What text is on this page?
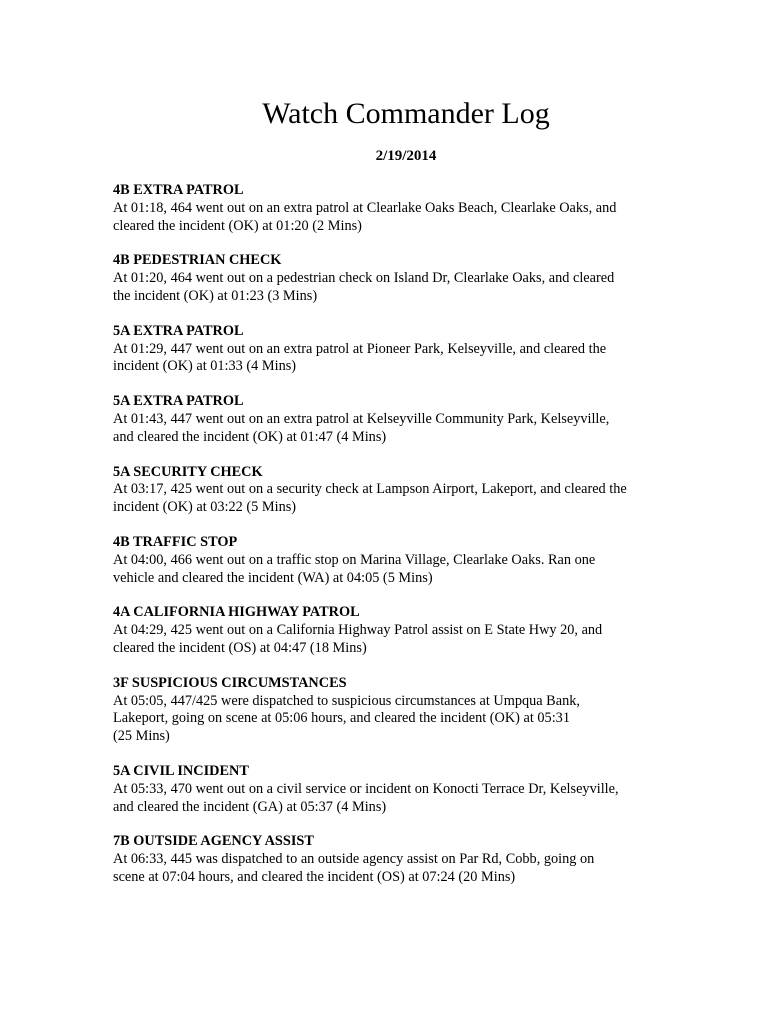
Watch Commander Log
2/19/2014

4B EXTRA PATROL

At 01:18, 464 went out on an extra patrol at Clearlake Oaks Beach, Clearlake Oaks, and
cleared the incident (OK) at 01:20 (2 Mins)

4B PEDESTRIAN CHECK

At 01:20, 464 went out on a pedestrian check on Island Dr, Clearlake Oaks, and cleared
the incident (OK) at 01:23 (3 Mins)

5A EXTRA PATROL

At 01:29, 447 went out on an extra patrol at Pioneer Park, Kelseyville, and cleared the
incident (OK) at 01:33 (4 Mins)

5A EXTRA PATROL

At 01:43, 447 went out on an extra patrol at Kelseyville Community Park, Kelseyville,
and cleared the incident (OK) at 01:47 (4 Mins)

5A SECURITY CHECK

At 03:17, 425 went out on a security check at Lampson Airport, Lakeport, and cleared the
incident (OK) at 03:22 (5 Mins)

4B TRAFFIC STOP

At 04:00, 466 went out on a traffic stop on Marina Village, Clearlake Oaks. Ran one
vehicle and cleared the incident (WA) at 04:05 (5 Mins)

4A CALIFORNIA HIGHWAY PATROL

At 04:29, 425 went out on a California Highway Patrol assist on E State Hwy 20, and
cleared the incident (OS) at 04:47 (18 Mins)

3F SUSPICIOUS CIRCUMSTANCES

At 05:05, 447/425 were dispatched to suspicious circumstances at Umpqua Bank,
Lakeport, going on scene at 05:06 hours, and cleared the incident (OK) at 05:31
(25 Mins)

5A CIVIL INCIDENT

At 05:33, 470 went out on a civil service or incident on Konocti Terrace Dr, Kelseyville,
and cleared the incident (GA) at 05:37 (4 Mins)

7B OUTSIDE AGENCY ASSIST

At 06:33, 445 was dispatched to an outside agency assist on Par Rd, Cobb, going on
scene at 07:04 hours, and cleared the incident (OS) at 07:24 (20 Mins)
